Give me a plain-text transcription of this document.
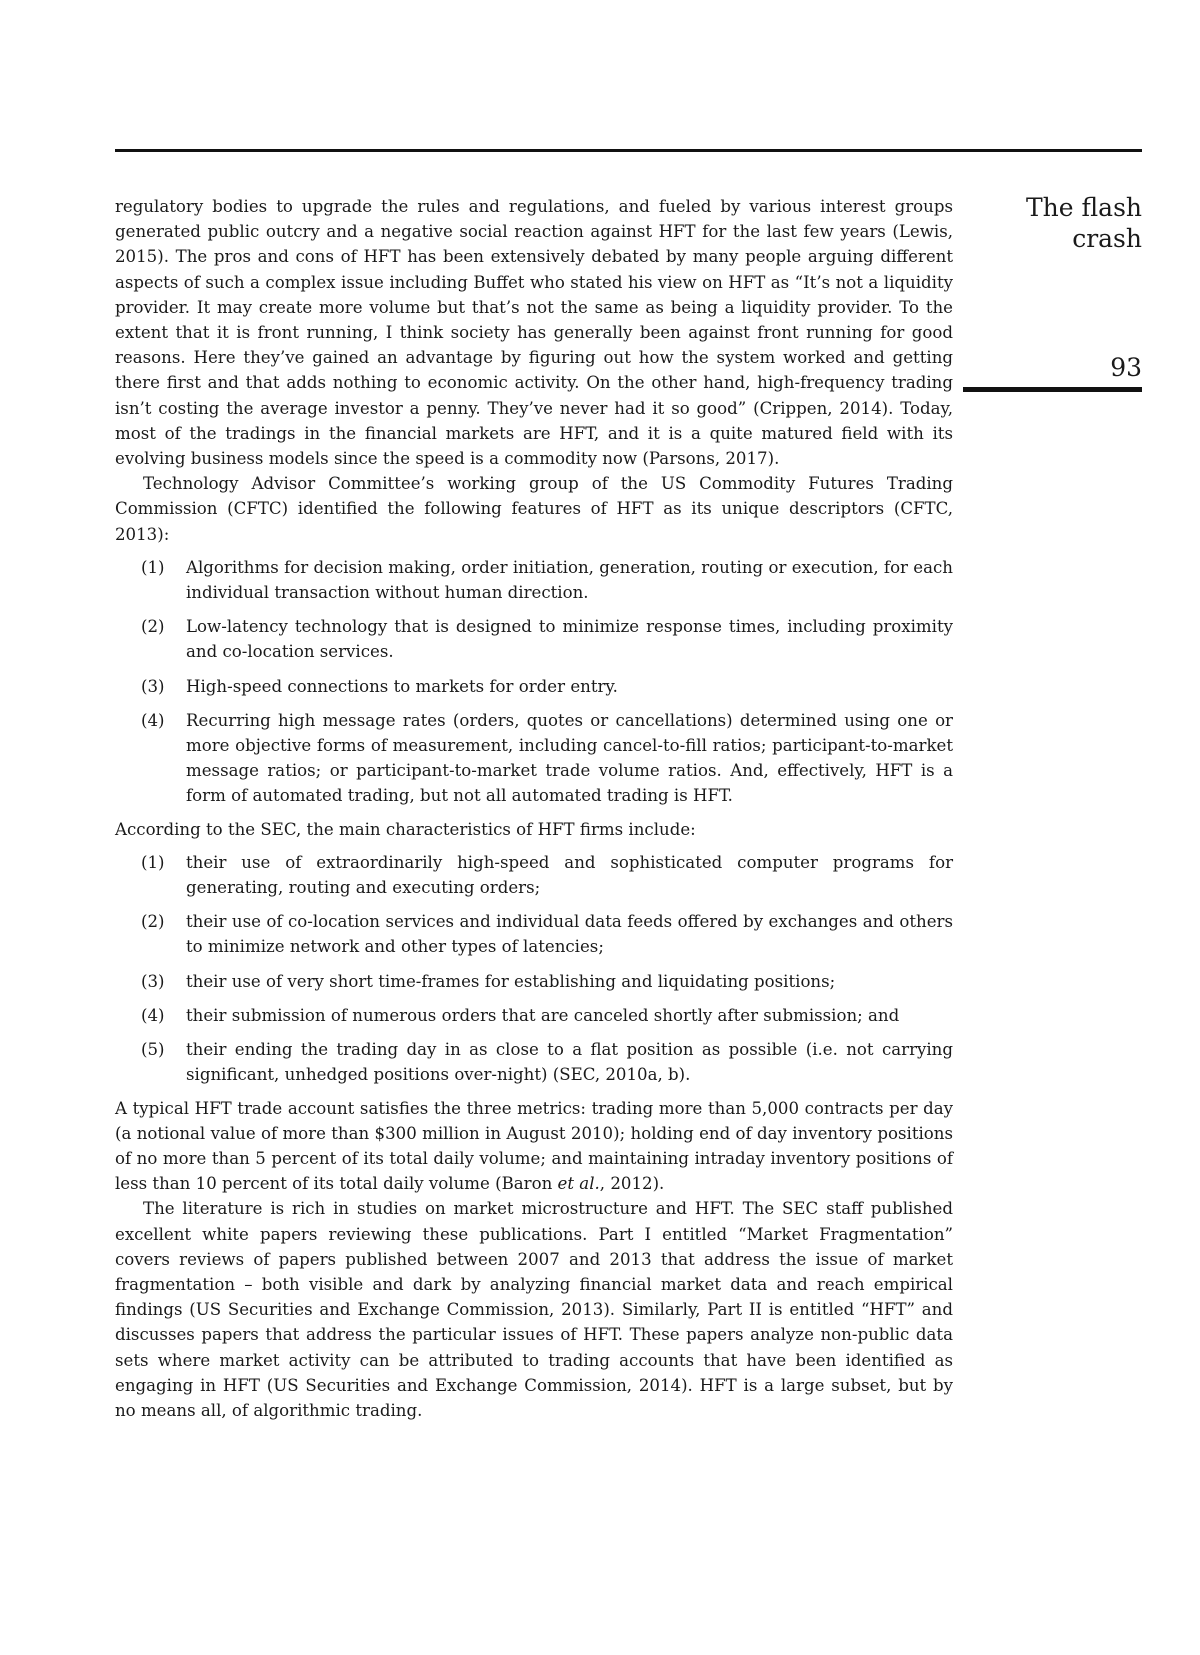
The flash
crash
93

regulatory bodies to upgrade the rules and regulations, and fueled by various interest groups generated public outcry and a negative social reaction against HFT for the last few years (Lewis, 2015). The pros and cons of HFT has been extensively debated by many people arguing different aspects of such a complex issue including Buffet who stated his view on HFT as “It’s not a liquidity provider. It may create more volume but that’s not the same as being a liquidity provider. To the extent that it is front running, I think society has generally been against front running for good reasons. Here they’ve gained an advantage by figuring out how the system worked and getting there first and that adds nothing to economic activity. On the other hand, high-frequency trading isn’t costing the average investor a penny. They’ve never had it so good” (Crippen, 2014). Today, most of the tradings in the financial markets are HFT, and it is a quite matured field with its evolving business models since the speed is a commodity now (Parsons, 2017).

Technology Advisor Committee’s working group of the US Commodity Futures Trading Commission (CFTC) identified the following features of HFT as its unique descriptors (CFTC, 2013):

(1) Algorithms for decision making, order initiation, generation, routing or execution, for each individual transaction without human direction.
(2) Low-latency technology that is designed to minimize response times, including proximity and co-location services.
(3) High-speed connections to markets for order entry.
(4) Recurring high message rates (orders, quotes or cancellations) determined using one or more objective forms of measurement, including cancel-to-fill ratios; participant-to-market message ratios; or participant-to-market trade volume ratios. And, effectively, HFT is a form of automated trading, but not all automated trading is HFT.

According to the SEC, the main characteristics of HFT firms include:

(1) their use of extraordinarily high-speed and sophisticated computer programs for generating, routing and executing orders;
(2) their use of co-location services and individual data feeds offered by exchanges and others to minimize network and other types of latencies;
(3) their use of very short time-frames for establishing and liquidating positions;
(4) their submission of numerous orders that are canceled shortly after submission; and
(5) their ending the trading day in as close to a flat position as possible (i.e. not carrying significant, unhedged positions over-night) (SEC, 2010a, b).

A typical HFT trade account satisfies the three metrics: trading more than 5,000 contracts per day (a notional value of more than $300 million in August 2010); holding end of day inventory positions of no more than 5 percent of its total daily volume; and maintaining intraday inventory positions of less than 10 percent of its total daily volume (Baron et al., 2012).

The literature is rich in studies on market microstructure and HFT. The SEC staff published excellent white papers reviewing these publications. Part I entitled “Market Fragmentation” covers reviews of papers published between 2007 and 2013 that address the issue of market fragmentation – both visible and dark by analyzing financial market data and reach empirical findings (US Securities and Exchange Commission, 2013). Similarly, Part II is entitled “HFT” and discusses papers that address the particular issues of HFT. These papers analyze non-public data sets where market activity can be attributed to trading accounts that have been identified as engaging in HFT (US Securities and Exchange Commission, 2014). HFT is a large subset, but by no means all, of algorithmic trading.
